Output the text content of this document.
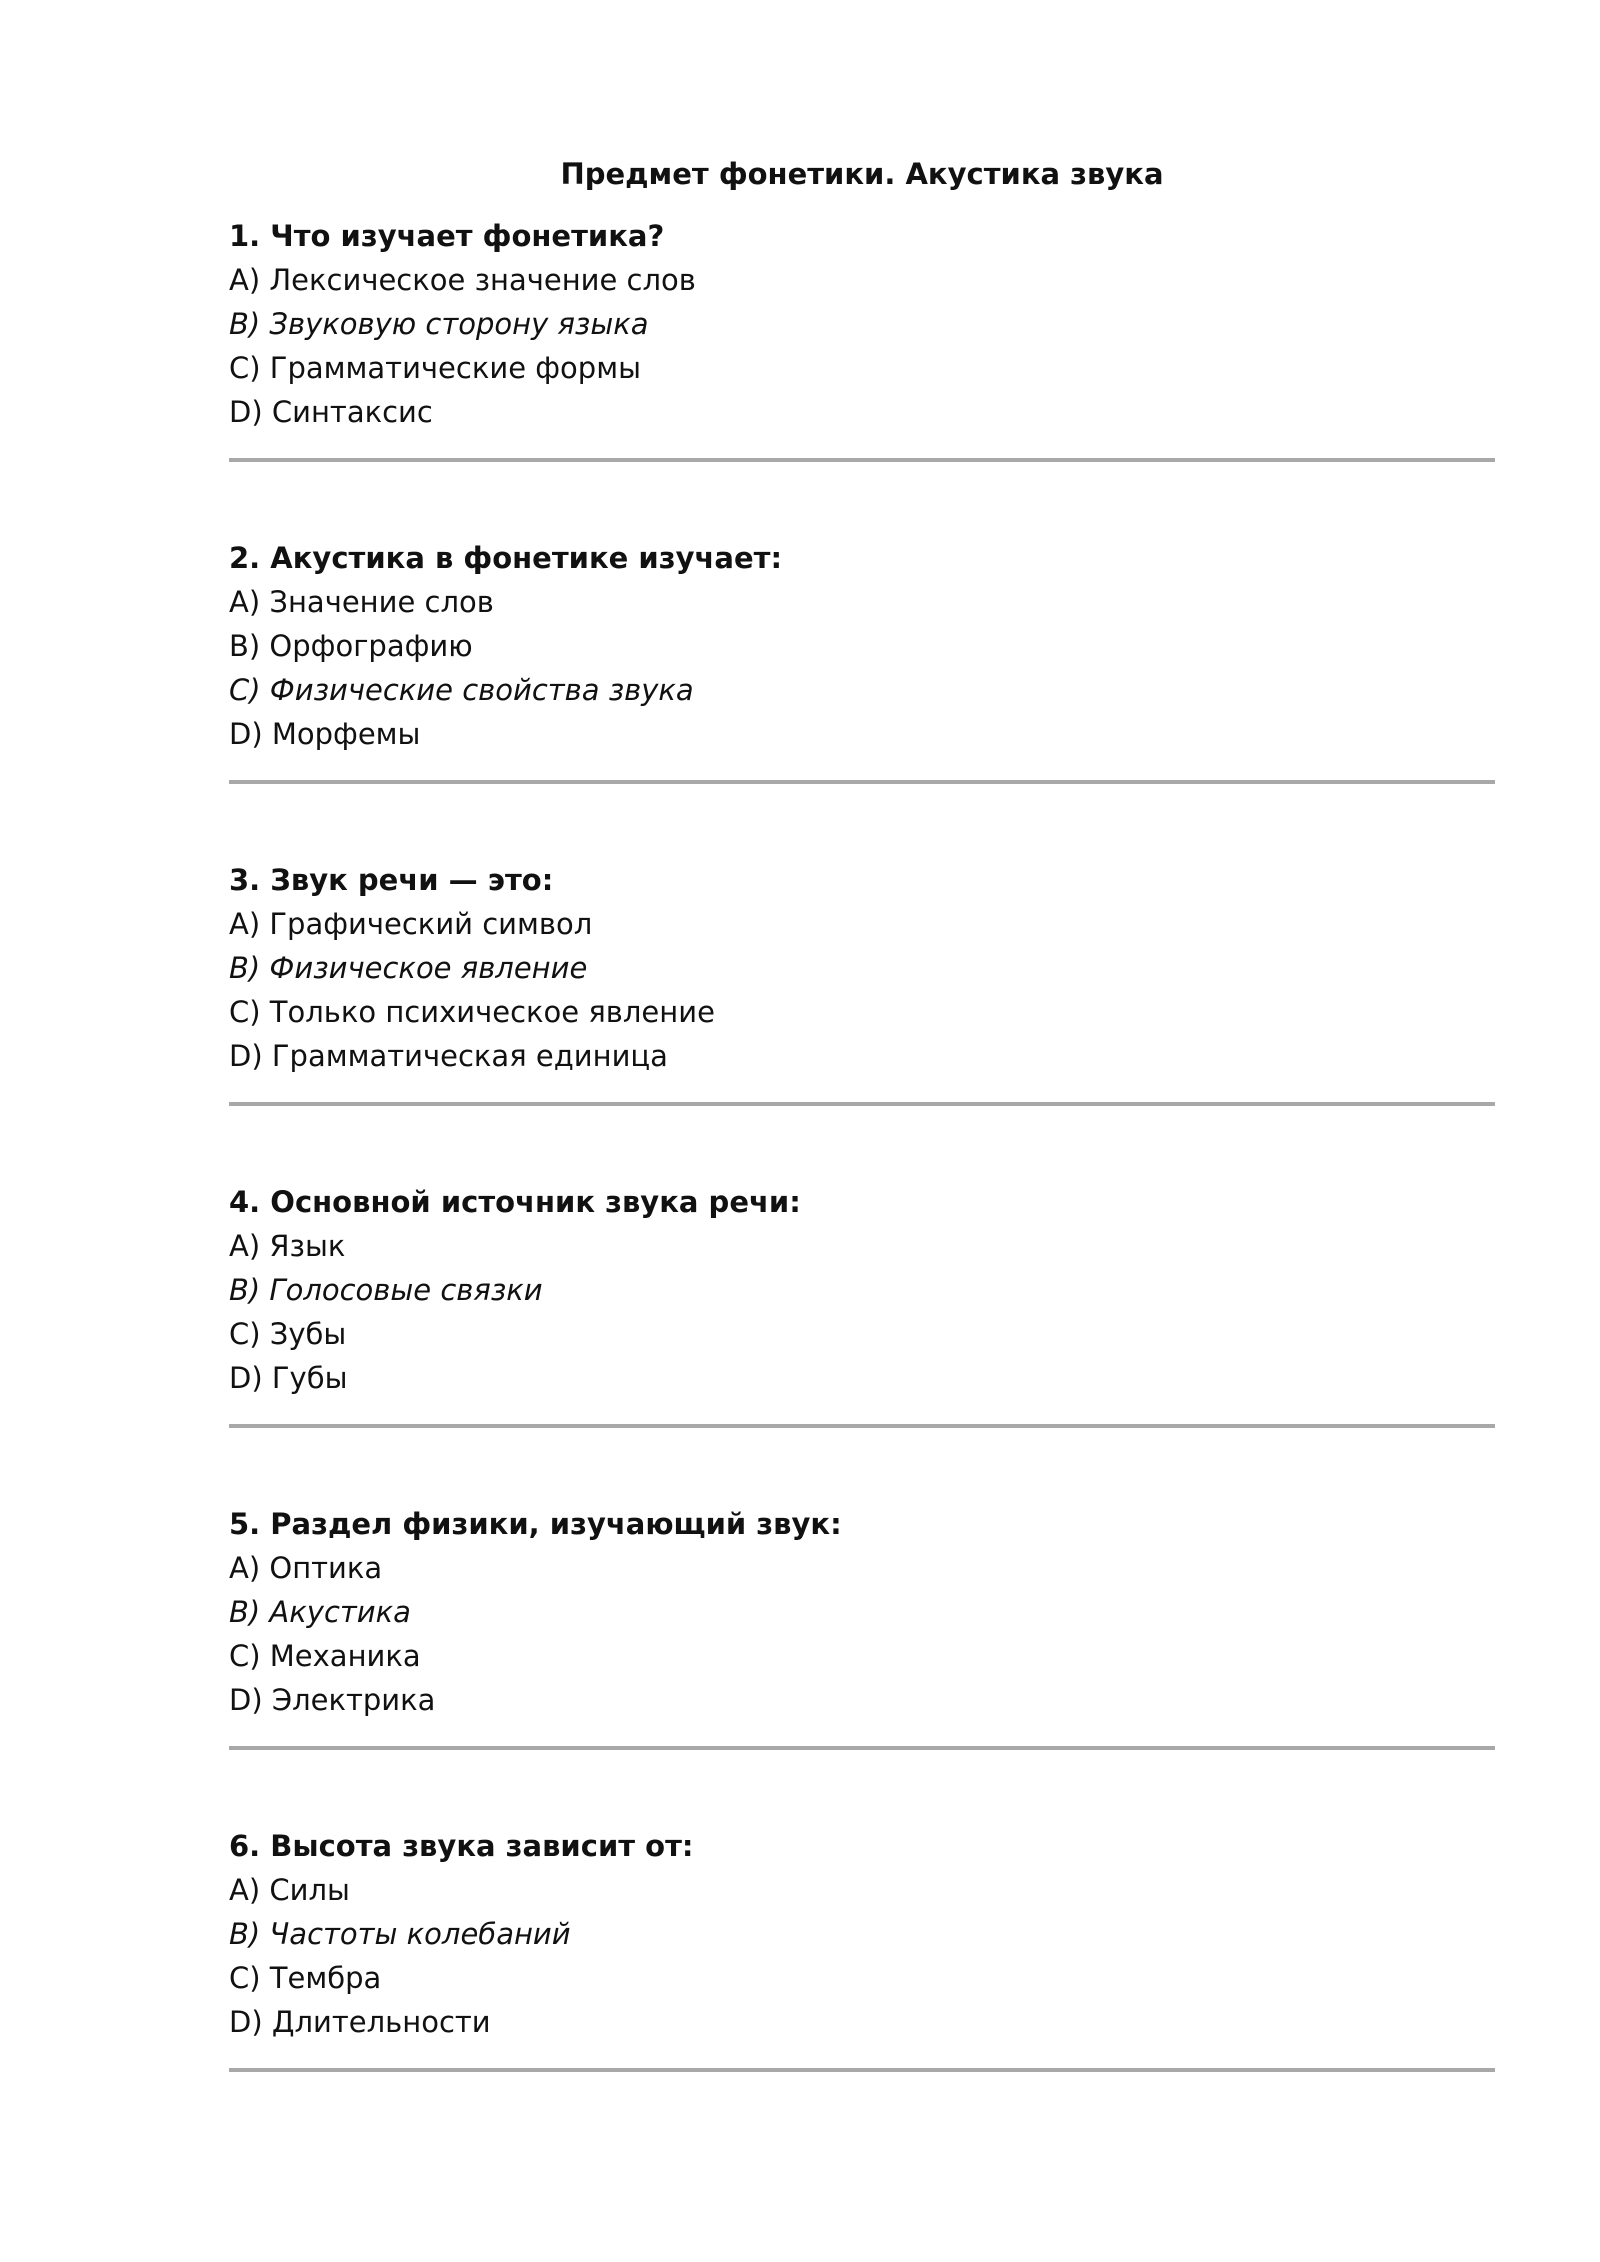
Предмет фонетики. Акустика звука
1. Что изучает фонетика?
A) Лексическое значение слов
B) Звуковую сторону языка
C) Грамматические формы
D) Синтаксис
2. Акустика в фонетике изучает:
A) Значение слов
B) Орфографию
C) Физические свойства звука
D) Морфемы
3. Звук речи — это:
A) Графический символ
B) Физическое явление
C) Только психическое явление
D) Грамматическая единица
4. Основной источник звука речи:
A) Язык
B) Голосовые связки
C) Зубы
D) Губы
5. Раздел физики, изучающий звук:
A) Оптика
B) Акустика
C) Механика
D) Электрика
6. Высота звука зависит от:
A) Силы
B) Частоты колебаний
C) Тембра
D) Длительности
